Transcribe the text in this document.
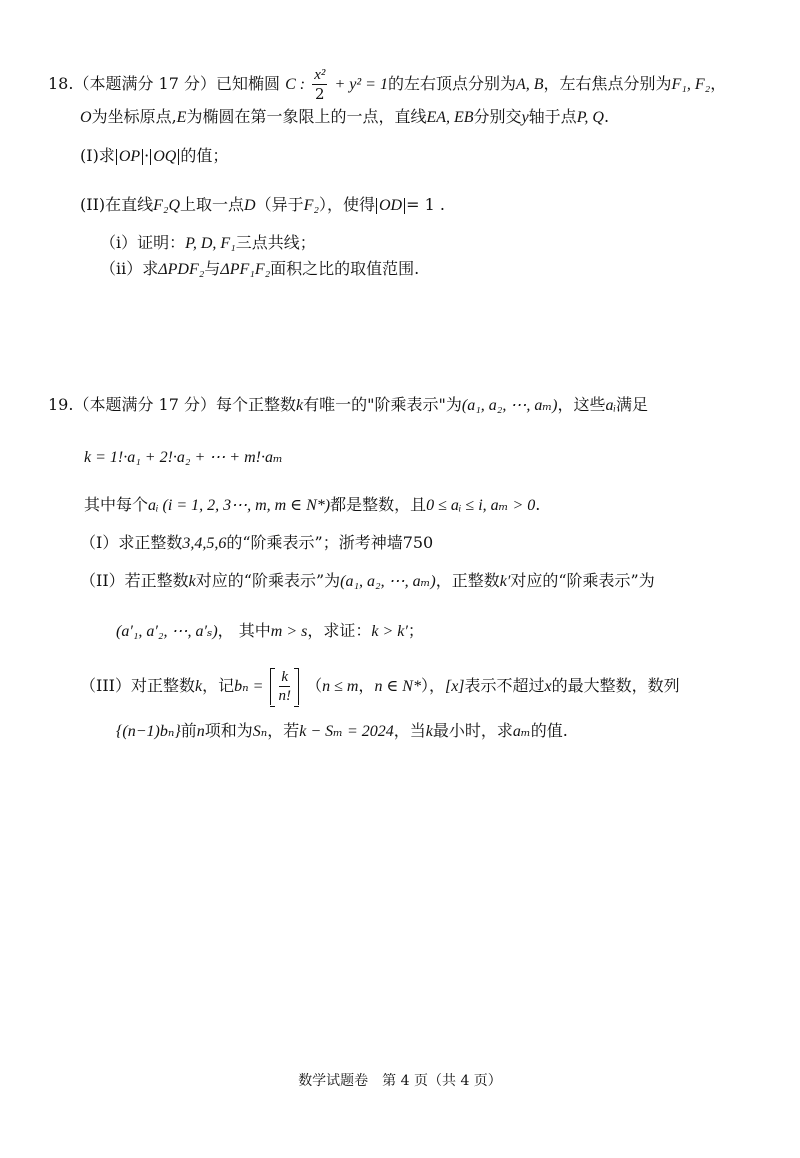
18.（本题满分 17 分）已知椭圆 C : $\frac{\text{x²}}{2} + y^2 = 1$的左右顶点分别为A, B，左右焦点分别为F₁, F₂，
O为坐标原点,E为椭圆在第一象限上的一点，直线EA, EB分别交y轴于点P, Q.
(I)求 OP · OQ 的值；
(II)在直线F₂Q上取一点D（异于F₂），使得 OD = 1 .
（i）证明：P, D, F₁三点共线；
（ii）求ΔPDF₂与ΔPF₁F₂面积之比的取值范围.
19.（本题满分 17 分）每个正整数k有唯一的"阶乘表示"为(a₁, a₂, ⋯, aₘ)，这些aᵢ满足
k = 1!·a₁ + 2!·a₂ + ⋯ + m!·aₘ
其中每个aᵢ (i = 1, 2, 3⋯, m, m ∈ N*)都是整数，且0 ≤ aᵢ ≤ i, aₘ > 0.
（I）求正整数3,4,5,6的“阶乘表示”；浙考神墙750
（II）若正整数k对应的“阶乘表示”为(a₁, a₂, ⋯, aₘ)，正整数k′对应的“阶乘表示”为
(a′₁, a′₂, ⋯, a′ₛ)， 其中m > s，求证：k > k′；
（III）对正整数k，记$b_n = \frac{k}{n!} (n \le m$，n ∈ N*），[x]表示不超过x的最大整数，数列
{(n−1)bₙ}前n项和为Sₙ，若k − Sₘ = 2024，当k最小时，求aₘ的值.
数学试题卷　第 4 页（共 4 页）
